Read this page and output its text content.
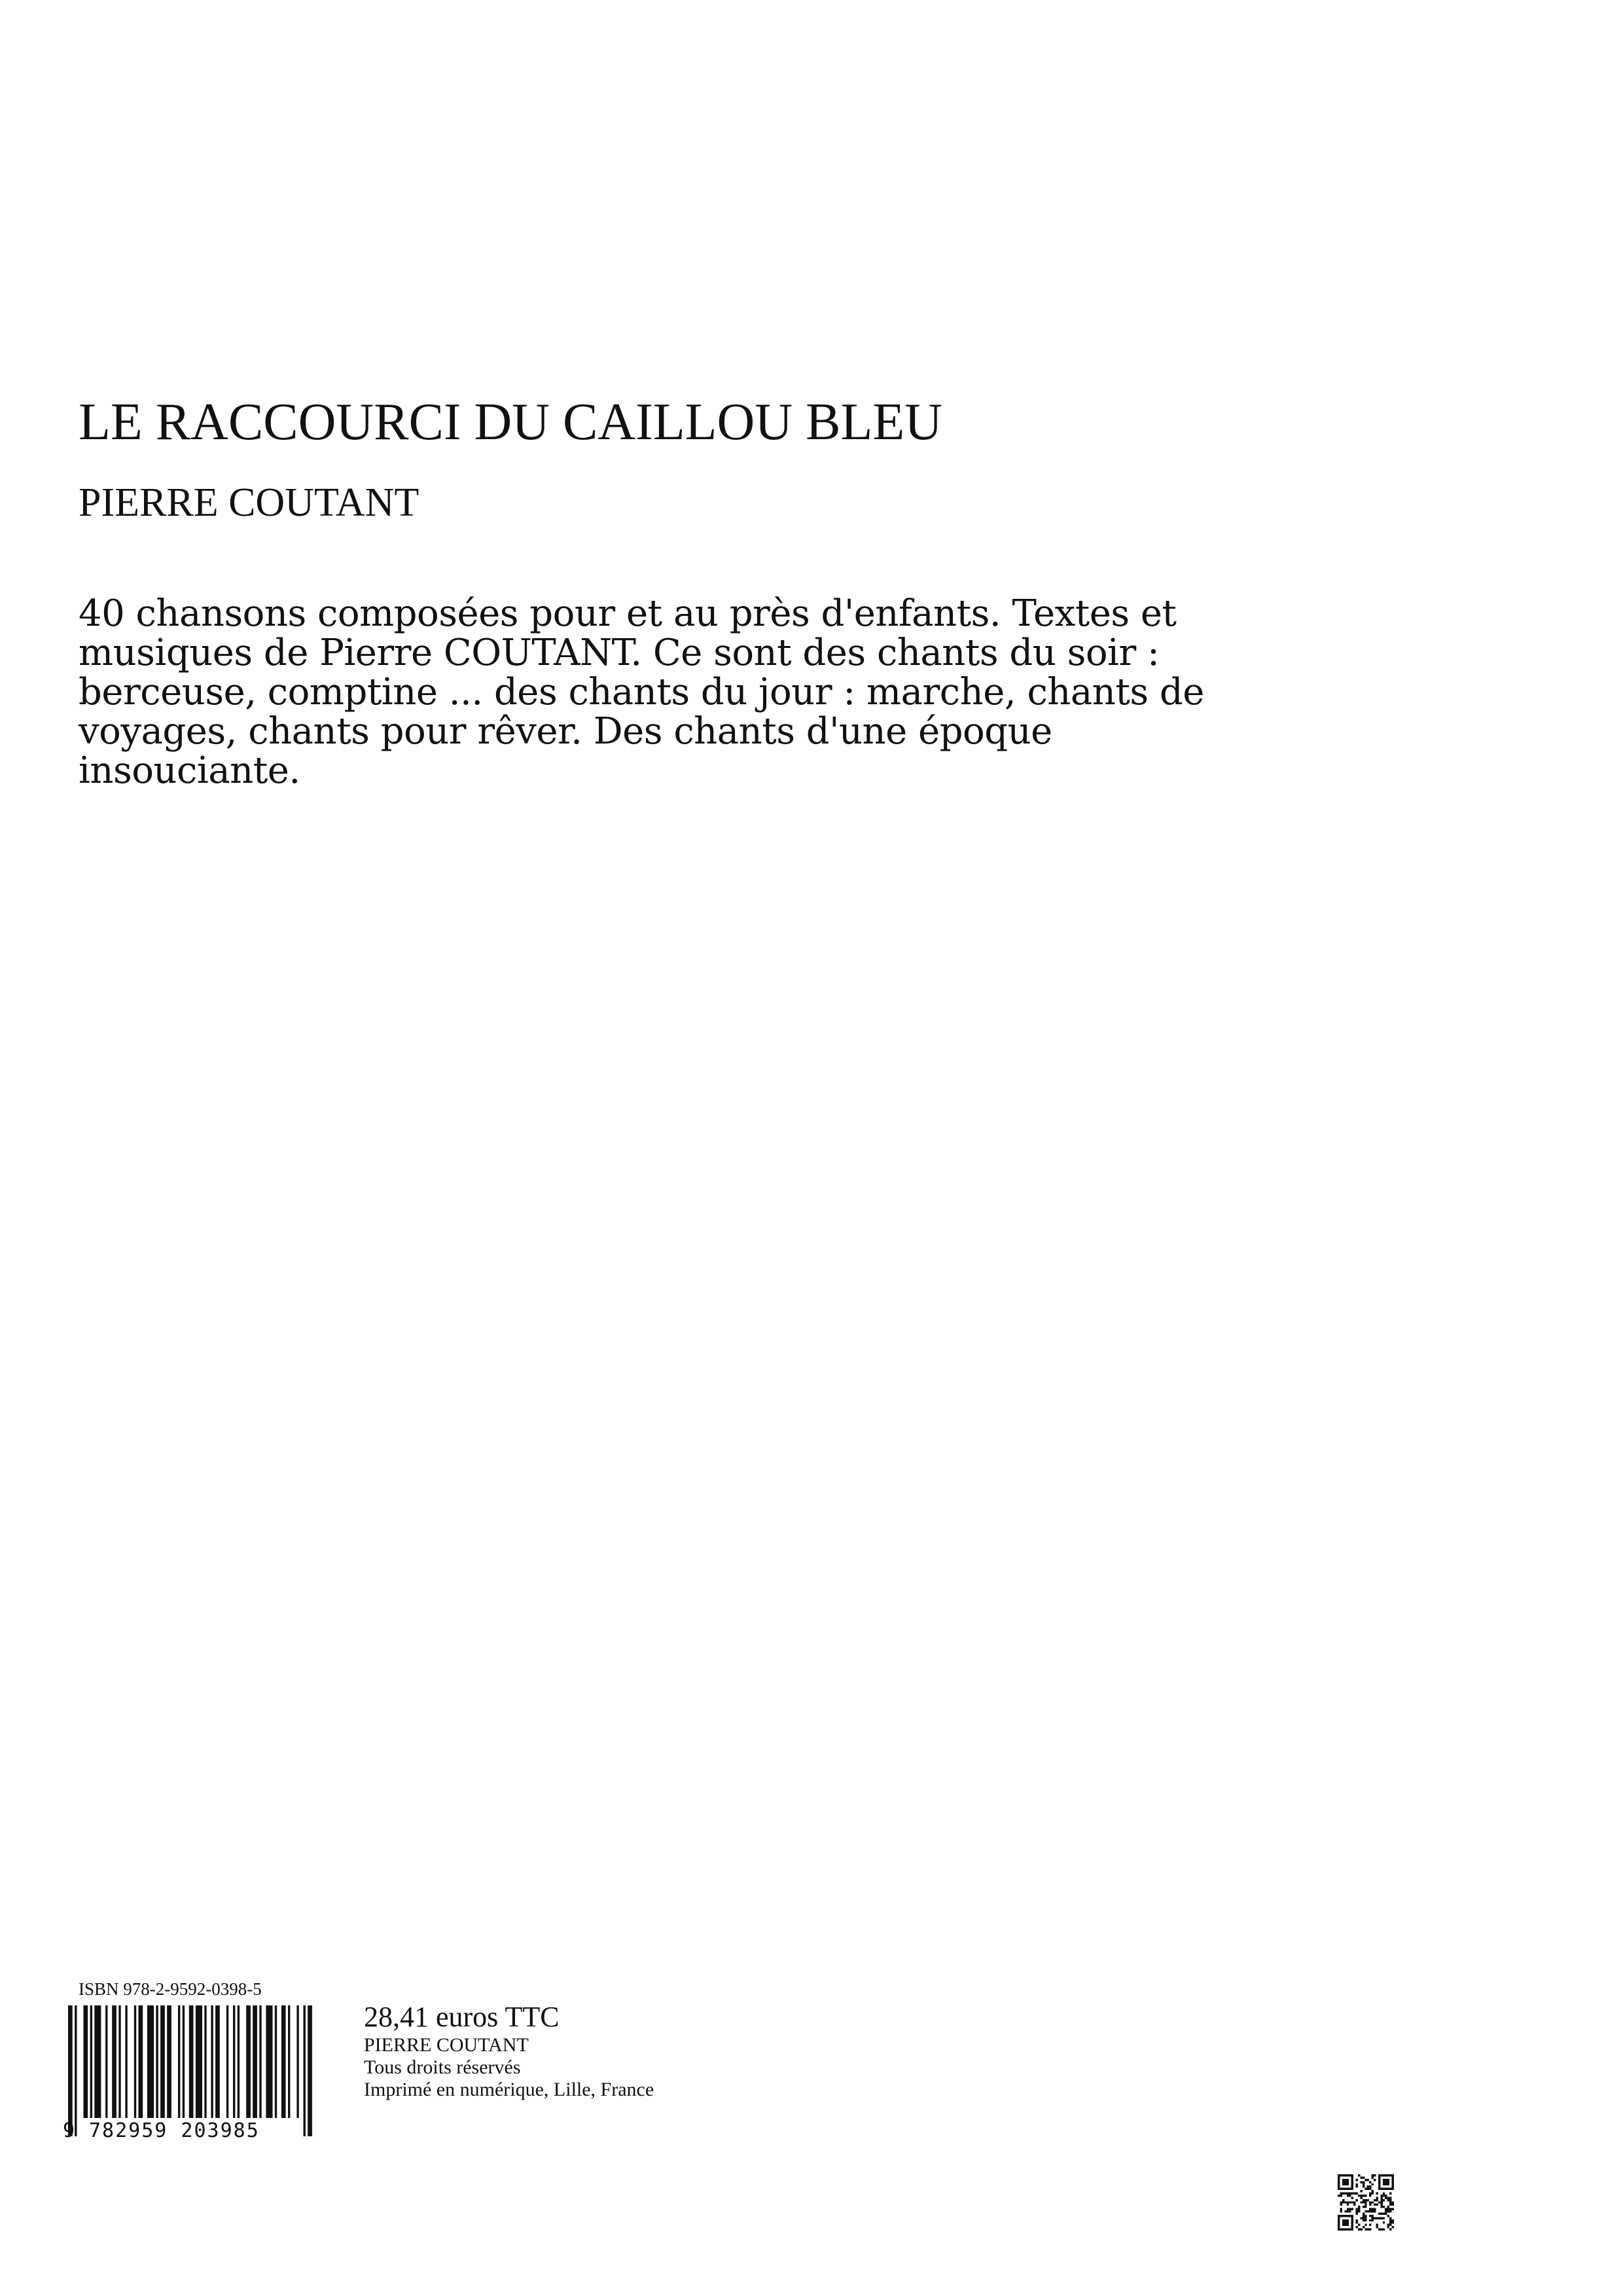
LE RACCOURCI DU CAILLOU BLEU
PIERRE COUTANT

40 chansons composées pour et au près d'enfants. Textes et musiques de Pierre COUTANT. Ce sont des chants du soir : berceuse, comptine ... des chants du jour : marche, chants de voyages, chants pour rêver. Des chants d'une époque insouciante.

ISBN 978-2-9592-0398-5
9 782959 203985
28,41 euros TTC
PIERRE COUTANT
Tous droits réservés
Imprimé en numérique, Lille, France
